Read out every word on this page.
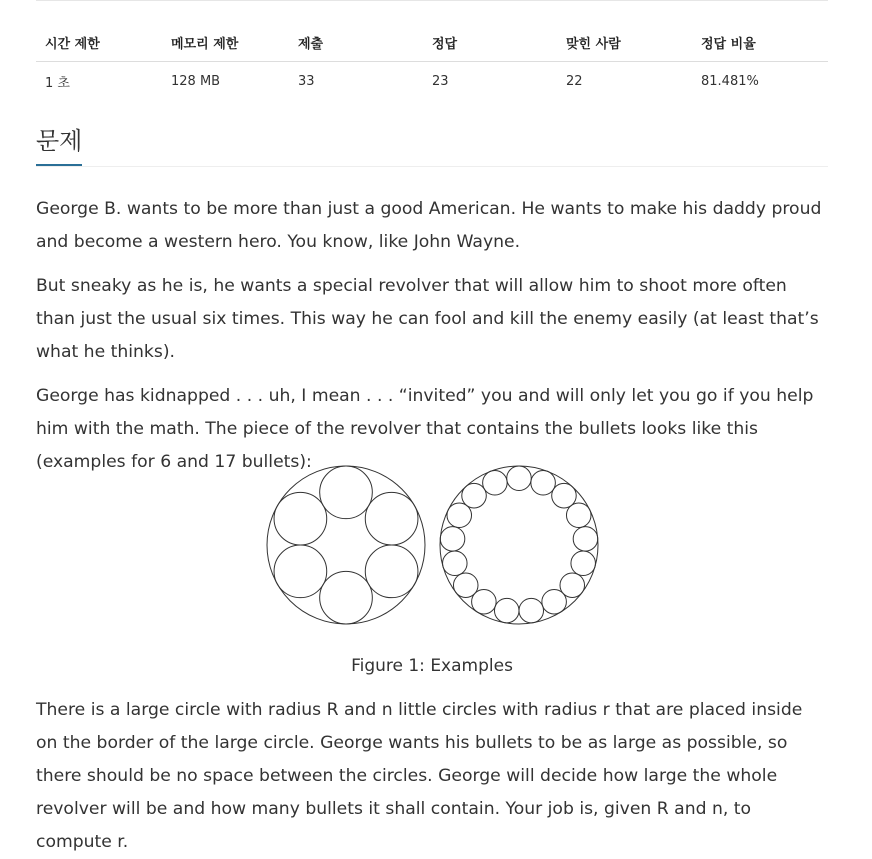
시간 제한	메모리 제한	제출	정답	맞힌 사람	정답 비율
1 초	128 MB	33	23	22	81.481%
문제

George B. wants to be more than just a good American. He wants to make his daddy proud and become a western hero. You know, like John Wayne.

But sneaky as he is, he wants a special revolver that will allow him to shoot more often than just the usual six times. This way he can fool and kill the enemy easily (at least that’s what he thinks).

George has kidnapped . . . uh, I mean . . . “invited” you and will only let you go if you help him with the math. The piece of the revolver that contains the bullets looks like this (examples for 6 and 17 bullets):

Figure 1: Examples

There is a large circle with radius R and n little circles with radius r that are placed inside on the border of the large circle. George wants his bullets to be as large as possible, so there should be no space between the circles. George will decide how large the whole revolver will be and how many bullets it shall contain. Your job is, given R and n, to compute r.
